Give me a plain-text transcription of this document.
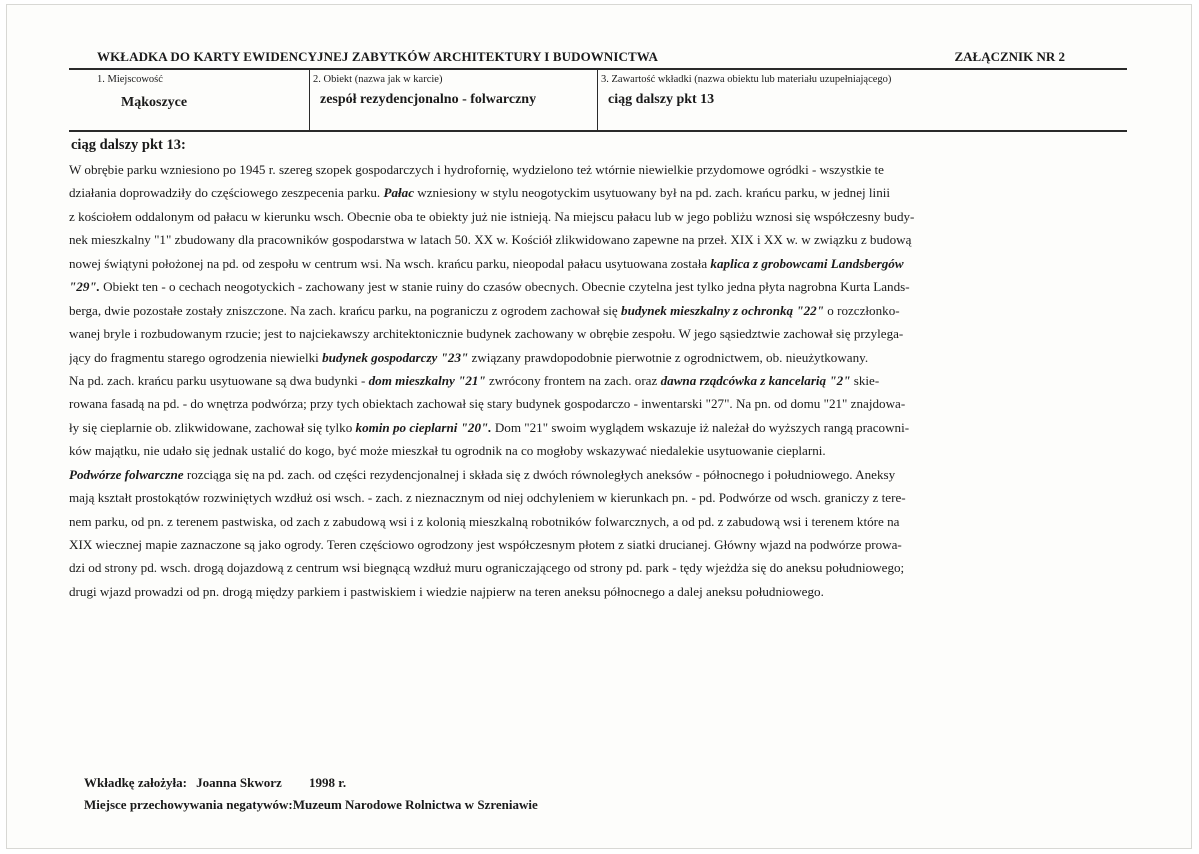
WKŁADKA DO KARTY EWIDENCYJNEJ ZABYTKÓW ARCHITEKTURY I BUDOWNICTWA	ZAŁĄCZNIK NR 2
1. Miejscowość
Mąkoszyce
2. Obiekt (nazwa jak w karcie)
zespół rezydencjonalno - folwarczny
3. Zawartość wkładki (nazwa obiektu lub materiału uzupełniającego)
ciąg dalszy pkt 13
ciąg dalszy pkt 13:
W obrębie parku wzniesiono po 1945 r. szereg szopek gospodarczych i hydrofornię, wydzielono też wtórnie niewielkie przydomowe ogródki - wszystkie te
działania doprowadziły do częściowego zeszpecenia parku. Pałac wzniesiony w stylu neogotyckim usytuowany był na pd. zach. krańcu parku, w jednej linii
z kościołem oddalonym od pałacu w kierunku wsch. Obecnie oba te obiekty już nie istnieją. Na miejscu pałacu lub w jego pobliżu wznosi się współczesny budy-
nek mieszkalny "1" zbudowany dla pracowników gospodarstwa w latach 50. XX w. Kościół zlikwidowano zapewne na przeł. XIX i XX w. w związku z budową
nowej świątyni położonej na pd. od zespołu w centrum wsi. Na wsch. krańcu parku, nieopodal pałacu usytuowana została kaplica z grobowcami Landsbergów
"29". Obiekt ten - o cechach neogotyckich - zachowany jest w stanie ruiny do czasów obecnych. Obecnie czytelna jest tylko jedna płyta nagrobna Kurta Lands-
berga, dwie pozostałe zostały zniszczone. Na zach. krańcu parku, na pograniczu z ogrodem zachował się budynek mieszkalny z ochronką "22" o rozczłonko-
wanej bryle i rozbudowanym rzucie; jest to najciekawszy architektonicznie budynek zachowany w obrębie zespołu. W jego sąsiedztwie zachował się przylega-
jący do fragmentu starego ogrodzenia niewielki budynek gospodarczy "23" związany prawdopodobnie pierwotnie z ogrodnictwem, ob. nieużytkowany.
Na pd. zach. krańcu parku usytuowane są dwa budynki - dom mieszkalny "21" zwrócony frontem na zach. oraz dawna rządcówka z kancelarią "2" skie-
rowana fasadą na pd. - do wnętrza podwórza; przy tych obiektach zachował się stary budynek gospodarczo - inwentarski "27". Na pn. od domu "21" znajdowa-
ły się cieplarnie ob. zlikwidowane, zachował się tylko komin po cieplarni "20". Dom "21" swoim wyglądem wskazuje iż należał do wyższych rangą pracowni-
ków majątku, nie udało się jednak ustalić do kogo, być może mieszkał tu ogrodnik na co mogłoby wskazywać niedalekie usytuowanie cieplarni.
Podwórze folwarczne rozciąga się na pd. zach. od części rezydencjonalnej i składa się z dwóch równoległych aneksów - północnego i południowego. Aneksy
mają kształt prostokątów rozwiniętych wzdłuż osi wsch. - zach. z nieznacznym od niej odchyleniem w kierunkach pn. - pd. Podwórze od wsch. graniczy z tere-
nem parku, od pn. z terenem pastwiska, od zach z zabudową wsi i z kolonią mieszkalną robotników folwarcznych, a od pd. z zabudową wsi i terenem które na
XIX wiecznej mapie zaznaczone są jako ogrody. Teren częściowo ogrodzony jest współczesnym płotem z siatki drucianej. Główny wjazd na podwórze prowa-
dzi od strony pd. wsch. drogą dojazdową z centrum wsi biegnącą wzdłuż muru ograniczającego od strony pd. park - tędy wjeżdża się do aneksu południowego;
drugi wjazd prowadzi od pn. drogą między parkiem i pastwiskiem i wiedzie najpierw na teren aneksu północnego a dalej aneksu południowego.
Wkładkę założyła: Joanna Skworz 1998 r.
Miejsce przechowywania negatywów:Muzeum Narodowe Rolnictwa w Szreniawie
